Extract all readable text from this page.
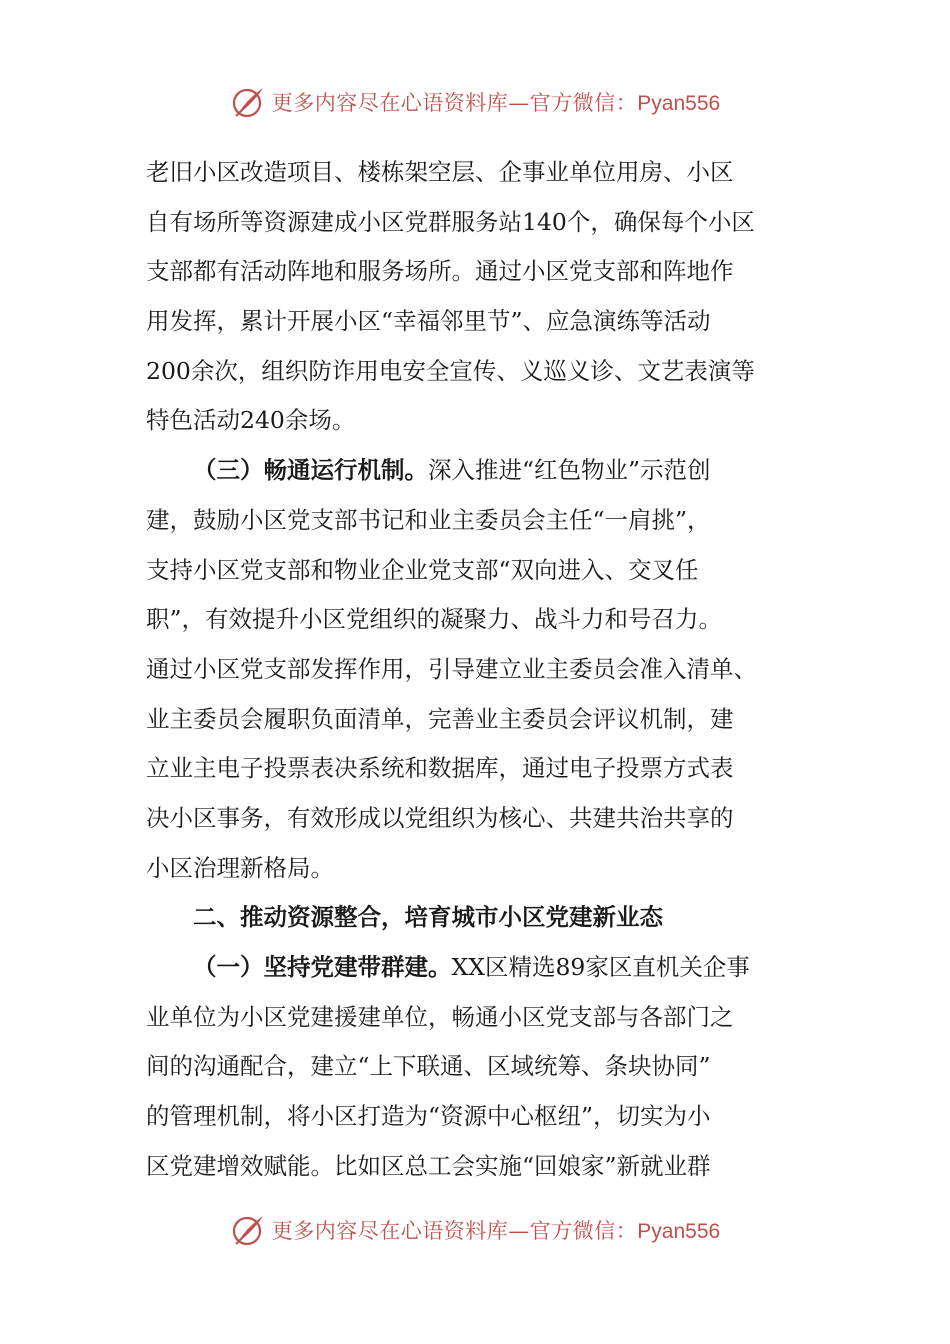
更多内容尽在心语资料库—官方微信：Pyan556
老旧小区改造项目、楼栋架空层、企事业单位用房、小区
自有场所等资源建成小区党群服务站140个，确保每个小区
支部都有活动阵地和服务场所。通过小区党支部和阵地作
用发挥，累计开展小区“幸福邻里节”、应急演练等活动
200余次，组织防诈用电安全宣传、义巡义诊、文艺表演等
特色活动240余场。
（三）畅通运行机制。深入推进“红色物业”示范创
建，鼓励小区党支部书记和业主委员会主任“一肩挑”，
支持小区党支部和物业企业党支部“双向进入、交叉任
职”，有效提升小区党组织的凝聚力、战斗力和号召力。
通过小区党支部发挥作用，引导建立业主委员会准入清单、
业主委员会履职负面清单，完善业主委员会评议机制，建
立业主电子投票表决系统和数据库，通过电子投票方式表
决小区事务，有效形成以党组织为核心、共建共治共享的
小区治理新格局。
二、推动资源整合，培育城市小区党建新业态
（一）坚持党建带群建。XX区精选89家区直机关企事
业单位为小区党建援建单位，畅通小区党支部与各部门之
间的沟通配合，建立“上下联通、区域统筹、条块协同”
的管理机制，将小区打造为“资源中心枢纽”，切实为小
区党建增效赋能。比如区总工会实施“回娘家”新就业群
更多内容尽在心语资料库—官方微信：Pyan556
